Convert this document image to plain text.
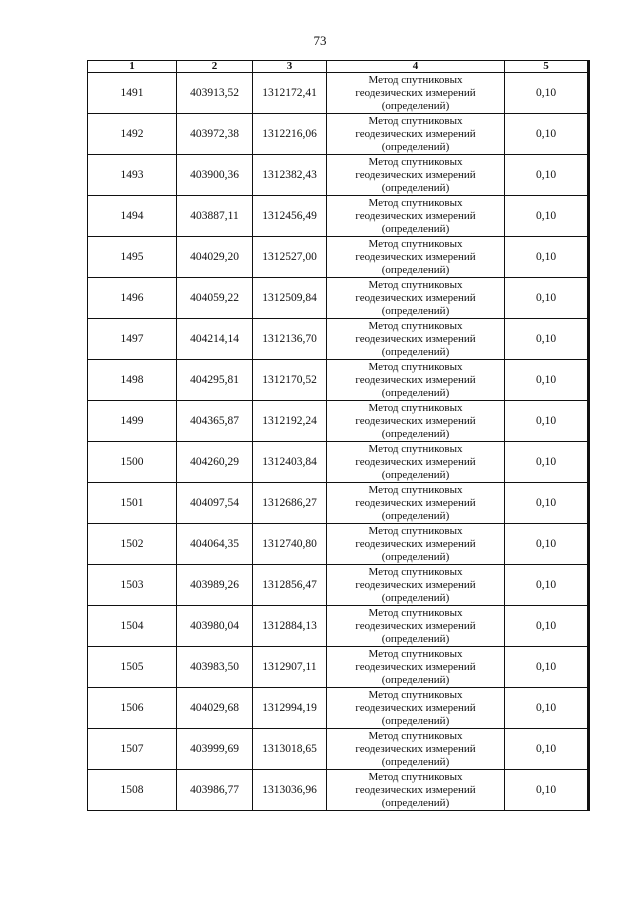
73
1	2	3	4	5
1491	403913,52	1312172,41	Метод спутниковых
геодезических измерений
(определений)	0,10
1492	403972,38	1312216,06	Метод спутниковых
геодезических измерений
(определений)	0,10
1493	403900,36	1312382,43	Метод спутниковых
геодезических измерений
(определений)	0,10
1494	403887,11	1312456,49	Метод спутниковых
геодезических измерений
(определений)	0,10
1495	404029,20	1312527,00	Метод спутниковых
геодезических измерений
(определений)	0,10
1496	404059,22	1312509,84	Метод спутниковых
геодезических измерений
(определений)	0,10
1497	404214,14	1312136,70	Метод спутниковых
геодезических измерений
(определений)	0,10
1498	404295,81	1312170,52	Метод спутниковых
геодезических измерений
(определений)	0,10
1499	404365,87	1312192,24	Метод спутниковых
геодезических измерений
(определений)	0,10
1500	404260,29	1312403,84	Метод спутниковых
геодезических измерений
(определений)	0,10
1501	404097,54	1312686,27	Метод спутниковых
геодезических измерений
(определений)	0,10
1502	404064,35	1312740,80	Метод спутниковых
геодезических измерений
(определений)	0,10
1503	403989,26	1312856,47	Метод спутниковых
геодезических измерений
(определений)	0,10
1504	403980,04	1312884,13	Метод спутниковых
геодезических измерений
(определений)	0,10
1505	403983,50	1312907,11	Метод спутниковых
геодезических измерений
(определений)	0,10
1506	404029,68	1312994,19	Метод спутниковых
геодезических измерений
(определений)	0,10
1507	403999,69	1313018,65	Метод спутниковых
геодезических измерений
(определений)	0,10
1508	403986,77	1313036,96	Метод спутниковых
геодезических измерений
(определений)	0,10
